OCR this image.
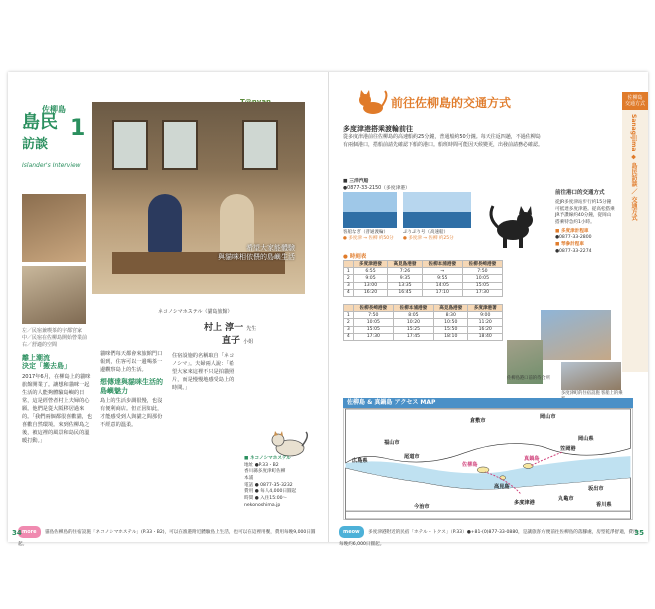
佐柳島
島民 1
訪談
Islander's Interview
希望大家能體驗
與貓咪相依偎的島嶼生活
左／民宿兼喫茶的宇都宮家
中／民宿在佐柳島開始營業前
右／舒適的空間
ネコノシマホステル（貓島旅館）
村上 淳一 先生
直子 小姐
離上潮流
決定「搬去島」
2017年6月，在柳島上的貓咪旅館開業了。讓想和貓咪一起生活的人能夠體驗島嶼的日常，這是經營者村上夫婦的心願。他們是從大阪移居過來的。「我們兩個都很喜歡貓，也喜歡自然環境。來到佐柳島之後，被這裡的風景和島民的溫暖打動。」
貓咪們每天都會來旅館門口報到，住客可以一邊喝茶一邊觀察島上的生活。
想傳達與貓咪生活的島嶼魅力
島上的生活步調很慢，也沒有便利商店。但正因如此，才能感受到人與貓之間那份不經意的溫柔。
住宿設施的名稱取自「ネコノシマ」。夫婦兩人說：「希望大家來這裡不只是拍貓照片，而是慢慢地感受島上的時間。」
■ ネコノシマホステル
地址 ●P.33・B2
香川縣多度津町佐柳
本浦
電話 ● 0877-35-3232
費用 ● 每人4,000日圓起
時間 ● 入住15:00～
nekonoshima.jp
more 貓島佐柳島的住宿設施「ネコノシマホステル」(P.33・B2)，可以在漁港附近體驗島上生活，也可以在這裡用餐，費用每晚9,000日圓起。
34
前往佐柳島的交通方式	佐柳島
交通方式
Sanagijima ◆ 島民訪談 ／ 交通方式
多度津港搭乘渡輪前往
從多度津港前往佐柳島的高速船約25分鐘，普通船約50分鐘。每天往返四趟，不過佐柳島有兩個港口，搭船前請先確認下船的港口。船班時間可能因天候變更，出發前請務必確認。
■ 三洋汽船
●0877-33-2150（多度津港）
客船なぎ（普通渡輪）
● 多度津 → 佐柳 約50分
ぷりぷり号（高速船）
● 多度津 → 佐柳 約25分
前往港口的交通方式
從JR多度津站步行約15分鐘可抵達多度津港。從高松搭乘JR予讚線約40分鐘，從岡山搭乘特急約1小時。
■ 多度津計程車
●0877-33-2800
■ 琴參計程車
●0877-33-2274
● 時刻表
	多度津港發	高見島港發	佐柳本浦港發	佐柳長崎港發
1	6:55	7:26	→	7:50
2	9:05	9:35	9:55	10:05
3	13:00	13:35	14:05	15:05
4	16:20	16:45	17:10	17:30
	佐柳長崎港發	佐柳本浦港發	高見島港發	多度津港著
1	7:50	8:05	8:30	9:00
2	10:05	10:20	10:50	11:20
3	15:05	15:25	15:50	16:20
4	17:30	17:45	18:10	18:40
佐柳島港口前的待合所
多度津町的住宿設施 客船上的乘
佐柳島 & 真鍋島 アクセス MAP
倉敷市
岡山市
岡山県
福山市
広島県
佐柳島
真鍋島
多度津港
高見島
丸亀市
香川県
尾道市
笠岡港
今治市
坂出市
meow 多度津港附近的民宿「ホテル・トクス」（P.33）●+81-(0)877-33-0880，是讓旅客方便前往佐柳島的落腳處，房型乾淨舒適，費用每晚約6,000日圓起。
35
